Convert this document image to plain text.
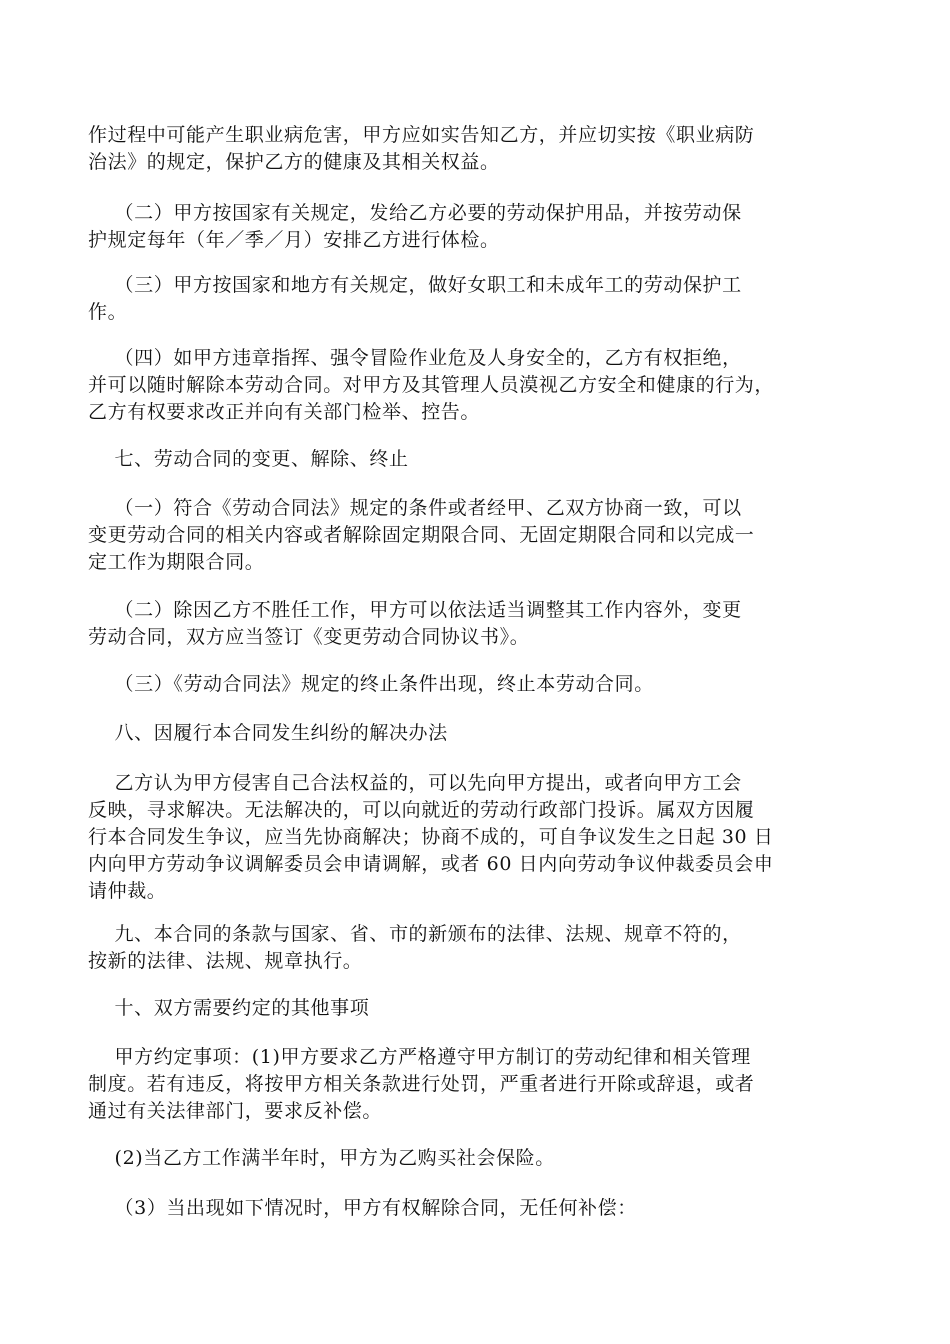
作过程中可能产生职业病危害，甲方应如实告知乙方，并应切实按《职业病防
治法》的规定，保护乙方的健康及其相关权益。

（二）甲方按国家有关规定，发给乙方必要的劳动保护用品，并按劳动保
护规定每年（年／季／月）安排乙方进行体检。

（三）甲方按国家和地方有关规定，做好女职工和未成年工的劳动保护工
作。

（四）如甲方违章指挥、强令冒险作业危及人身安全的，乙方有权拒绝，
并可以随时解除本劳动合同。对甲方及其管理人员漠视乙方安全和健康的行为，
乙方有权要求改正并向有关部门检举、控告。

七、劳动合同的变更、解除、终止

（一）符合《劳动合同法》规定的条件或者经甲、乙双方协商一致，可以
变更劳动合同的相关内容或者解除固定期限合同、无固定期限合同和以完成一
定工作为期限合同。

（二）除因乙方不胜任工作，甲方可以依法适当调整其工作内容外，变更
劳动合同，双方应当签订《变更劳动合同协议书》。

（三）《劳动合同法》规定的终止条件出现，终止本劳动合同。

八、因履行本合同发生纠纷的解决办法

乙方认为甲方侵害自己合法权益的，可以先向甲方提出，或者向甲方工会
反映，寻求解决。无法解决的，可以向就近的劳动行政部门投诉。属双方因履
行本合同发生争议，应当先协商解决；协商不成的，可自争议发生之日起 30 日
内向甲方劳动争议调解委员会申请调解，或者 60 日内向劳动争议仲裁委员会申
请仲裁。

九、本合同的条款与国家、省、市的新颁布的法律、法规、规章不符的，
按新的法律、法规、规章执行。

十、双方需要约定的其他事项

甲方约定事项：(1)甲方要求乙方严格遵守甲方制订的劳动纪律和相关管理
制度。若有违反，将按甲方相关条款进行处罚，严重者进行开除或辞退，或者
通过有关法律部门，要求反补偿。

(2)当乙方工作满半年时，甲方为乙购买社会保险。

（3）当出现如下情况时，甲方有权解除合同，无任何补偿：
